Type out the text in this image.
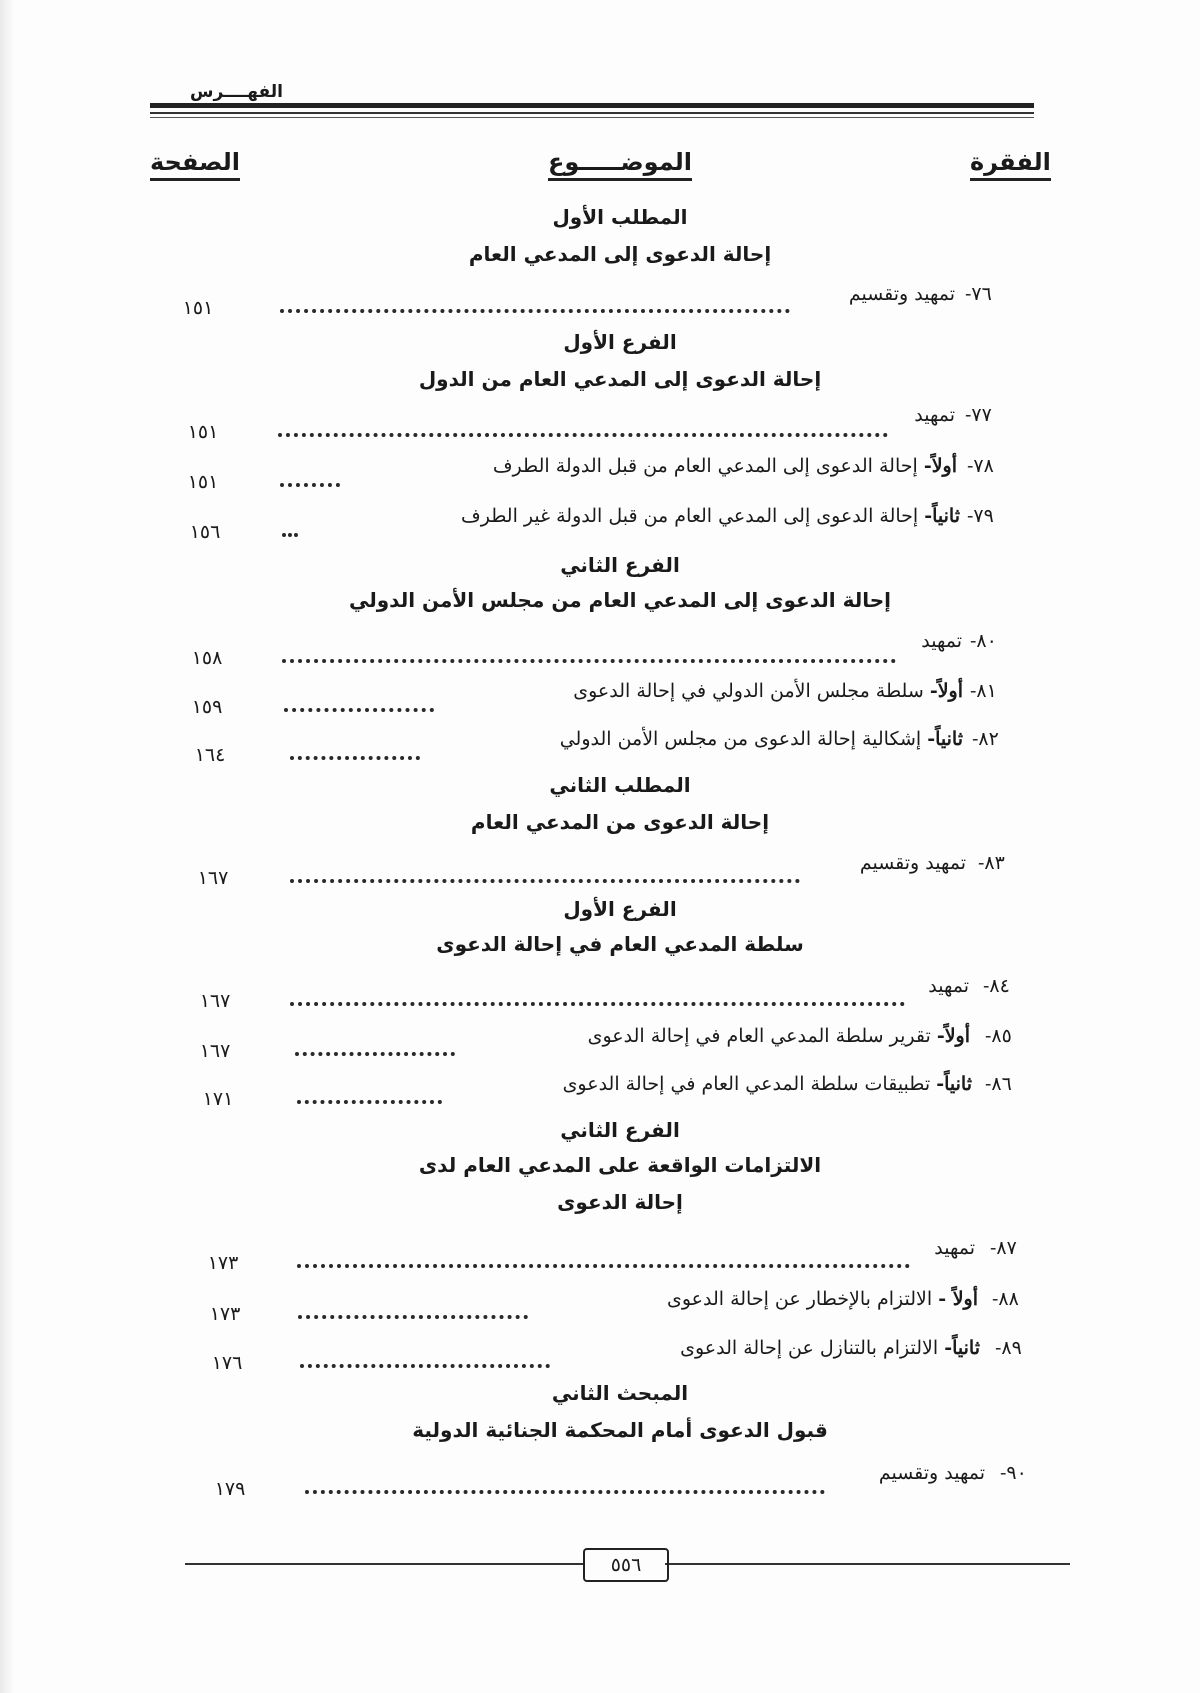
الفهــــرس
الصفحة	الموضـــــوع	الفقرة
المطلب الأول
إحالة الدعوى إلى المدعي العام
الفرع الأول
إحالة الدعوى إلى المدعي العام من الدول
الفرع الثاني
إحالة الدعوى إلى المدعي العام من مجلس الأمن الدولي
المطلب الثاني
إحالة الدعوى من المدعي العام
الفرع الأول
سلطة المدعي العام في إحالة الدعوى
الفرع الثاني
الالتزامات الواقعة على المدعي العام لدى
إحالة الدعوى
المبحث الثاني
قبول الدعوى أمام المحكمة الجنائية الدولية
٧٦-
تمهيد وتقسيم
١٥١
٧٧-
تمهيد
١٥١
٧٨-
أولاً- إحالة الدعوى إلى المدعي العام من قبل الدولة الطرف
١٥١
٧٩-
ثانياً- إحالة الدعوى إلى المدعي العام من قبل الدولة غير الطرف
١٥٦
٨٠-
تمهيد
١٥٨
٨١-
أولاً- سلطة مجلس الأمن الدولي في إحالة الدعوى
١٥٩
٨٢-
ثانياً- إشكالية إحالة الدعوى من مجلس الأمن الدولي
١٦٤
٨٣-
تمهيد وتقسيم
١٦٧
٨٤-
تمهيد
١٦٧
٨٥-
أولاً- تقرير سلطة المدعي العام في إحالة الدعوى
١٦٧
٨٦-
ثانياً- تطبيقات سلطة المدعي العام في إحالة الدعوى
١٧١
٨٧-
تمهيد
١٧٣
٨٨-
أولاً - الالتزام بالإخطار عن إحالة الدعوى
١٧٣
٨٩-
ثانياً- الالتزام بالتنازل عن إحالة الدعوى
١٧٦
٩٠-
تمهيد وتقسيم
١٧٩
٥٥٦
